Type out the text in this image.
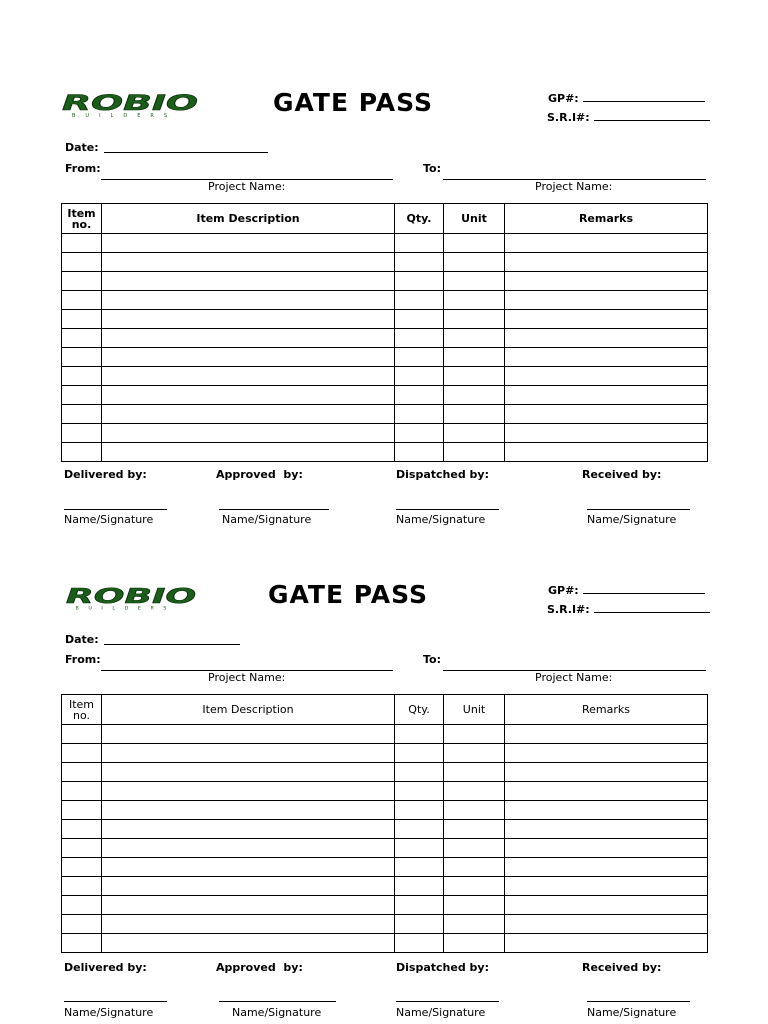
ROBIO
BUILDERS	GATE PASS	GP#:
S.R.I#:
Date:
From:	To:
Project Name:	Project Name:
Item
no.	Item Description	Qty.	Unit	Remarks

Delivered by:	Approved  by:	Dispatched by:	Received by:
Name/Signature	Name/Signature	Name/Signature	Name/Signature
ROBIO
BUILDERS	GATE PASS	GP#:
S.R.I#:
Date:
From:	To:
Project Name:	Project Name:
Item
no.	Item Description	Qty.	Unit	Remarks

Delivered by:	Approved  by:	Dispatched by:	Received by:
Name/Signature	Name/Signature	Name/Signature	Name/Signature
